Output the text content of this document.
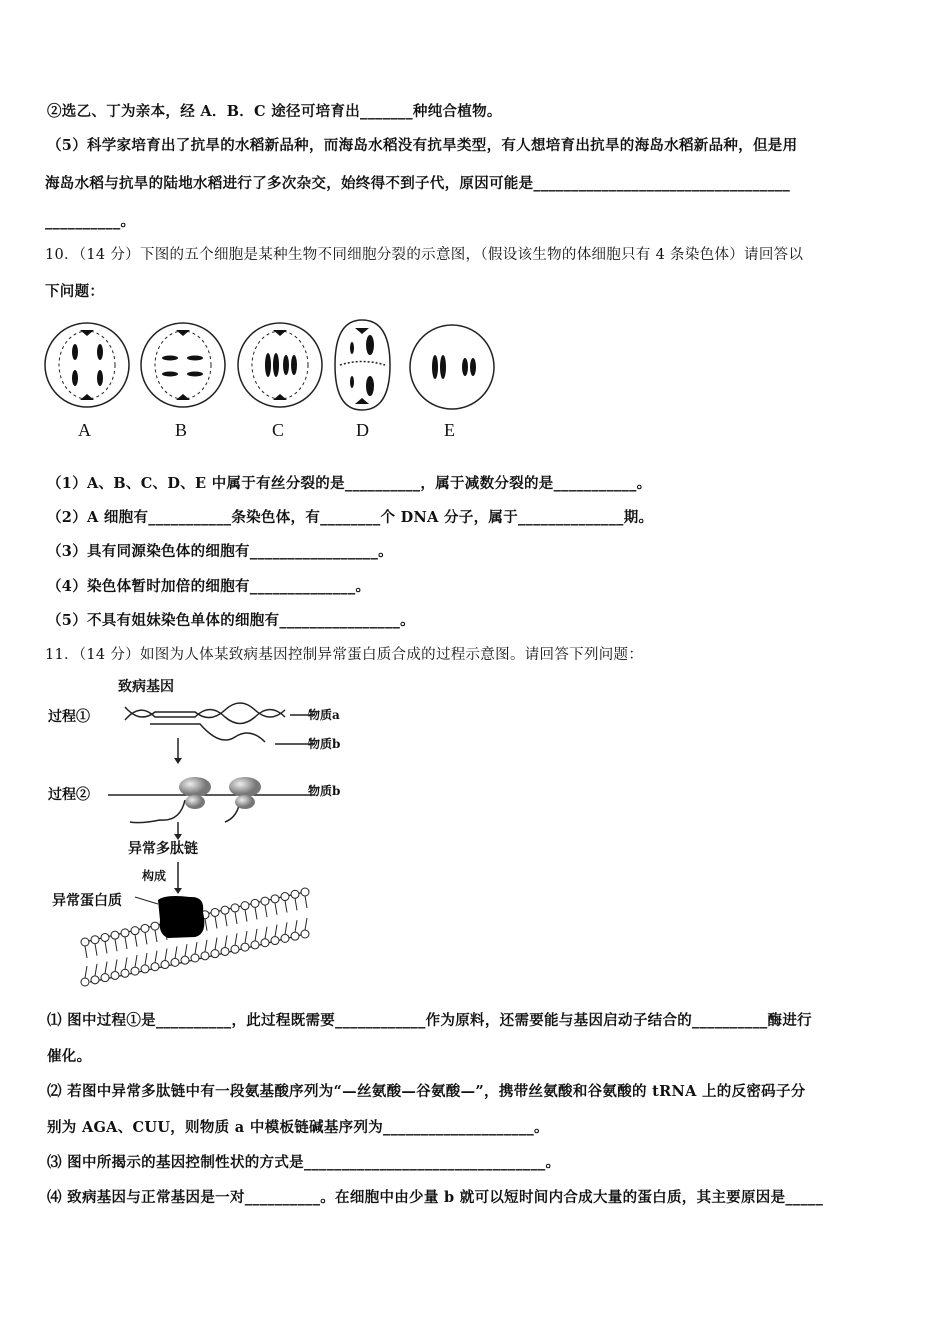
②选乙、丁为亲本，经 A．B．C 途径可培育出_______种纯合植物。
（5）科学家培育出了抗旱的水稻新品种，而海岛水稻没有抗旱类型，有人想培育出抗旱的海岛水稻新品种，但是用
海岛水稻与抗旱的陆地水稻进行了多次杂交，始终得不到子代，原因可能是__________________________________
__________。
10．（14 分）下图的五个细胞是某种生物不同细胞分裂的示意图，（假设该生物的体细胞只有 4 条染色体）请回答以
下问题：
A	B	C	D	E
（1）A、B、C、D、E 中属于有丝分裂的是__________，属于减数分裂的是___________。
（2）A 细胞有___________条染色体，有________个 DNA 分子，属于______________期。
（3）具有同源染色体的细胞有_________________。
（4）染色体暂时加倍的细胞有______________。
（5）不具有姐妹染色单体的细胞有________________。
11．（14 分）如图为人体某致病基因控制异常蛋白质合成的过程示意图。请回答下列问题：
致病基因
过程①	物质a
物质b
过程②	物质b
异常多肽链
构成
异常蛋白质
⑴ 图中过程①是__________，此过程既需要____________作为原料，还需要能与基因启动子结合的__________酶进行
催化。
⑵ 若图中异常多肽链中有一段氨基酸序列为“—丝氨酸—谷氨酸—”，携带丝氨酸和谷氨酸的 tRNA 上的反密码子分
别为 AGA、CUU，则物质 a 中模板链碱基序列为____________________。
⑶ 图中所揭示的基因控制性状的方式是________________________________。
⑷ 致病基因与正常基因是一对__________。在细胞中由少量 b 就可以短时间内合成大量的蛋白质，其主要原因是_____
